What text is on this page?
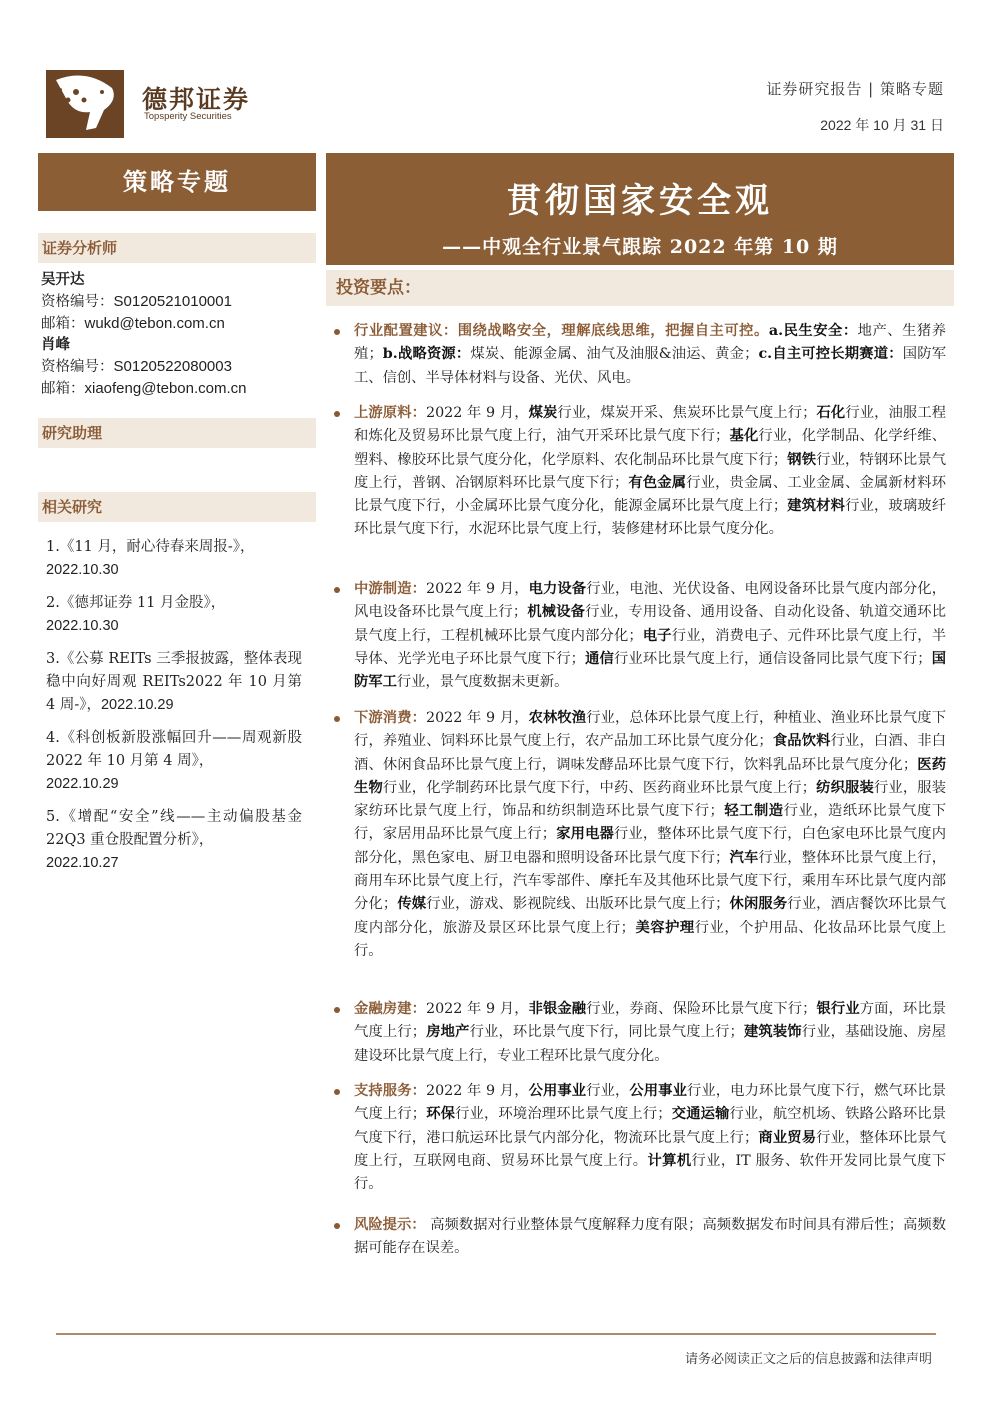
德邦证券
Topsperity Securities
证券研究报告 | 策略专题
2022 年 10 月 31 日
策略专题
证券分析师
吴开达
资格编号：S0120521010001
邮箱：wukd@tebon.com.cn
肖峰
资格编号：S0120522080003
邮箱：xiaofeng@tebon.com.cn
研究助理
相关研究
1.《11 月，耐心待春来周报-》，
2022.10.30
2.《德邦证券 11 月金股》，
2022.10.30
3.《公募 REITs 三季报披露，整体表现稳中向好周观 REITs2022 年 10 月第 4 周-》，2022.10.29
4.《科创板新股涨幅回升——周观新股 2022 年 10 月第 4 周》，
2022.10.29
5.《增配“安全”线——主动偏股基金 22Q3 重仓股配置分析》，
2022.10.27
贯彻国家安全观
——中观全行业景气跟踪 2022 年第 10 期
投资要点：
行业配置建议：围绕战略安全，理解底线思维，把握自主可控。a.民生安全：地产、生猪养殖；b.战略资源：煤炭、能源金属、油气及油服&油运、黄金；c.自主可控长期赛道：国防军工、信创、半导体材料与设备、光伏、风电。
上游原料：2022 年 9 月，煤炭行业，煤炭开采、焦炭环比景气度上行；石化行业，油服工程和炼化及贸易环比景气度上行，油气开采环比景气度下行；基化行业，化学制品、化学纤维、塑料、橡胶环比景气度分化，化学原料、农化制品环比景气度下行；钢铁行业，特钢环比景气度上行，普钢、冶钢原料环比景气度下行；有色金属行业，贵金属、工业金属、金属新材料环比景气度下行，小金属环比景气度分化，能源金属环比景气度上行；建筑材料行业，玻璃玻纤环比景气度下行，水泥环比景气度上行，装修建材环比景气度分化。
中游制造：2022 年 9 月，电力设备行业，电池、光伏设备、电网设备环比景气度内部分化，风电设备环比景气度上行；机械设备行业，专用设备、通用设备、自动化设备、轨道交通环比景气度上行，工程机械环比景气度内部分化；电子行业，消费电子、元件环比景气度上行，半导体、光学光电子环比景气度下行；通信行业环比景气度上行，通信设备同比景气度下行；国防军工行业，景气度数据未更新。
下游消费：2022 年 9 月，农林牧渔行业，总体环比景气度上行，种植业、渔业环比景气度下行，养殖业、饲料环比景气度上行，农产品加工环比景气度分化；食品饮料行业，白酒、非白酒、休闲食品环比景气度上行，调味发酵品环比景气度下行，饮料乳品环比景气度分化；医药生物行业，化学制药环比景气度下行，中药、医药商业环比景气度上行；纺织服装行业，服装家纺环比景气度上行，饰品和纺织制造环比景气度下行；轻工制造行业，造纸环比景气度下行，家居用品环比景气度上行；家用电器行业，整体环比景气度下行，白色家电环比景气度内部分化，黑色家电、厨卫电器和照明设备环比景气度下行；汽车行业，整体环比景气度上行，商用车环比景气度上行，汽车零部件、摩托车及其他环比景气度下行，乘用车环比景气度内部分化；传媒行业，游戏、影视院线、出版环比景气度上行；休闲服务行业，酒店餐饮环比景气度内部分化，旅游及景区环比景气度上行；美容护理行业，个护用品、化妆品环比景气度上行。
金融房建：2022 年 9 月，非银金融行业，券商、保险环比景气度下行；银行业方面，环比景气度上行；房地产行业，环比景气度下行，同比景气度上行；建筑装饰行业，基础设施、房屋建设环比景气度上行，专业工程环比景气度分化。
支持服务：2022 年 9 月，公用事业行业，公用事业行业，电力环比景气度下行，燃气环比景气度上行；环保行业，环境治理环比景气度上行；交通运输行业，航空机场、铁路公路环比景气度下行，港口航运环比景气内部分化，物流环比景气度上行；商业贸易行业，整体环比景气度上行，互联网电商、贸易环比景气度上行。计算机行业，IT 服务、软件开发同比景气度下行。
风险提示： 高频数据对行业整体景气度解释力度有限；高频数据发布时间具有滞后性；高频数据可能存在误差。
请务必阅读正文之后的信息披露和法律声明
